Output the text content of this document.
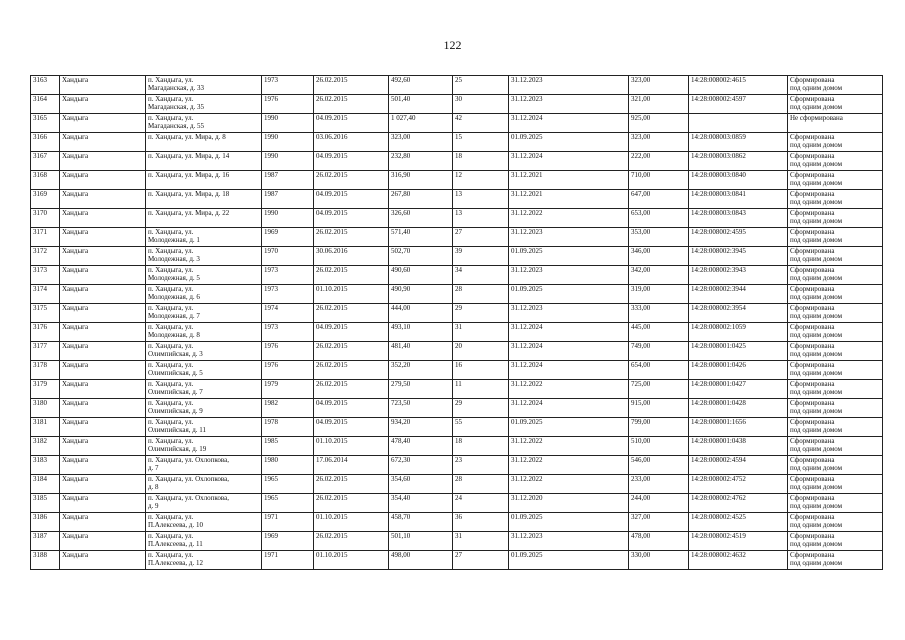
122
3163	Хандыга	п. Хандыга, ул.
Магаданская, д. 33	1973	26.02.2015	492,60	25	31.12.2023	323,00	14:28:008002:4615	Сформирована
под одним домом
3164	Хандыга	п. Хандыга, ул.
Магаданская, д. 35	1976	26.02.2015	501,40	30	31.12.2023	321,00	14:28:008002:4597	Сформирована
под одним домом
3165	Хандыга	п. Хандыга, ул.
Магаданская, д. 55	1990	04.09.2015	1 027,40	42	31.12.2024	925,00		Не сформирована
3166	Хандыга	п. Хандыга, ул. Мира, д. 8	1990	03.06.2016	323,00	15	01.09.2025	323,00	14:28:008003:0859	Сформирована
под одним домом
3167	Хандыга	п. Хандыга, ул. Мира, д. 14	1990	04.09.2015	232,80	18	31.12.2024	222,00	14:28:008003:0862	Сформирована
под одним домом
3168	Хандыга	п. Хандыга, ул. Мира, д. 16	1987	26.02.2015	316,90	12	31.12.2021	710,00	14:28:008003:0840	Сформирована
под одним домом
3169	Хандыга	п. Хандыга, ул. Мира, д. 18	1987	04.09.2015	267,80	13	31.12.2021	647,00	14:28:008003:0841	Сформирована
под одним домом
3170	Хандыга	п. Хандыга, ул. Мира, д. 22	1990	04.09.2015	326,60	13	31.12.2022	653,00	14:28:008003:0843	Сформирована
под одним домом
3171	Хандыга	п. Хандыга, ул.
Молодежная, д. 1	1969	26.02.2015	571,40	27	31.12.2023	353,00	14:28:008002:4595	Сформирована
под одним домом
3172	Хандыга	п. Хандыга, ул.
Молодежная, д. 3	1970	30.06.2016	502,70	39	01.09.2025	346,00	14:28:008002:3945	Сформирована
под одним домом
3173	Хандыга	п. Хандыга, ул.
Молодежная, д. 5	1973	26.02.2015	490,60	34	31.12.2023	342,00	14:28:008002:3943	Сформирована
под одним домом
3174	Хандыга	п. Хандыга, ул.
Молодежная, д. 6	1973	01.10.2015	490,90	28	01.09.2025	319,00	14:28:008002:3944	Сформирована
под одним домом
3175	Хандыга	п. Хандыга, ул.
Молодежная, д. 7	1974	26.02.2015	444,00	29	31.12.2023	333,00	14:28:008002:3954	Сформирована
под одним домом
3176	Хандыга	п. Хандыга, ул.
Молодежная, д. 8	1973	04.09.2015	493,10	31	31.12.2024	445,00	14:28:008002:1059	Сформирована
под одним домом
3177	Хандыга	п. Хандыга, ул.
Олимпийская, д. 3	1976	26.02.2015	481,40	20	31.12.2024	749,00	14:28:008001:0425	Сформирована
под одним домом
3178	Хандыга	п. Хандыга, ул.
Олимпийская, д. 5	1976	26.02.2015	352,20	16	31.12.2024	654,00	14:28:008001:0426	Сформирована
под одним домом
3179	Хандыга	п. Хандыга, ул.
Олимпийская, д. 7	1979	26.02.2015	279,50	11	31.12.2022	725,00	14:28:008001:0427	Сформирована
под одним домом
3180	Хандыга	п. Хандыга, ул.
Олимпийская, д. 9	1982	04.09.2015	723,50	29	31.12.2024	915,00	14:28:008001:0428	Сформирована
под одним домом
3181	Хандыга	п. Хандыга, ул.
Олимпийская, д. 11	1978	04.09.2015	934,20	55	01.09.2025	799,00	14:28:008001:1656	Сформирована
под одним домом
3182	Хандыга	п. Хандыга, ул.
Олимпийская, д. 19	1985	01.10.2015	478,40	18	31.12.2022	510,00	14:28:008001:0438	Сформирована
под одним домом
3183	Хандыга	п. Хандыга, ул. Охлопкова,
д. 7	1980	17.06.2014	672,30	23	31.12.2022	546,00	14:28:008002:4594	Сформирована
под одним домом
3184	Хандыга	п. Хандыга, ул. Охлопкова,
д. 8	1965	26.02.2015	354,60	28	31.12.2022	233,00	14:28:008002:4752	Сформирована
под одним домом
3185	Хандыга	п. Хандыга, ул. Охлопкова,
д. 9	1965	26.02.2015	354,40	24	31.12.2020	244,00	14:28:008002:4762	Сформирована
под одним домом
3186	Хандыга	п. Хандыга, ул.
П.Алексеева, д. 10	1971	01.10.2015	458,70	36	01.09.2025	327,00	14:28:008002:4525	Сформирована
под одним домом
3187	Хандыга	п. Хандыга, ул.
П.Алексеева, д. 11	1969	26.02.2015	501,10	31	31.12.2023	478,00	14:28:008002:4519	Сформирована
под одним домом
3188	Хандыга	п. Хандыга, ул.
П.Алексеева, д. 12	1971	01.10.2015	498,00	27	01.09.2025	330,00	14:28:008002:4632	Сформирована
под одним домом
